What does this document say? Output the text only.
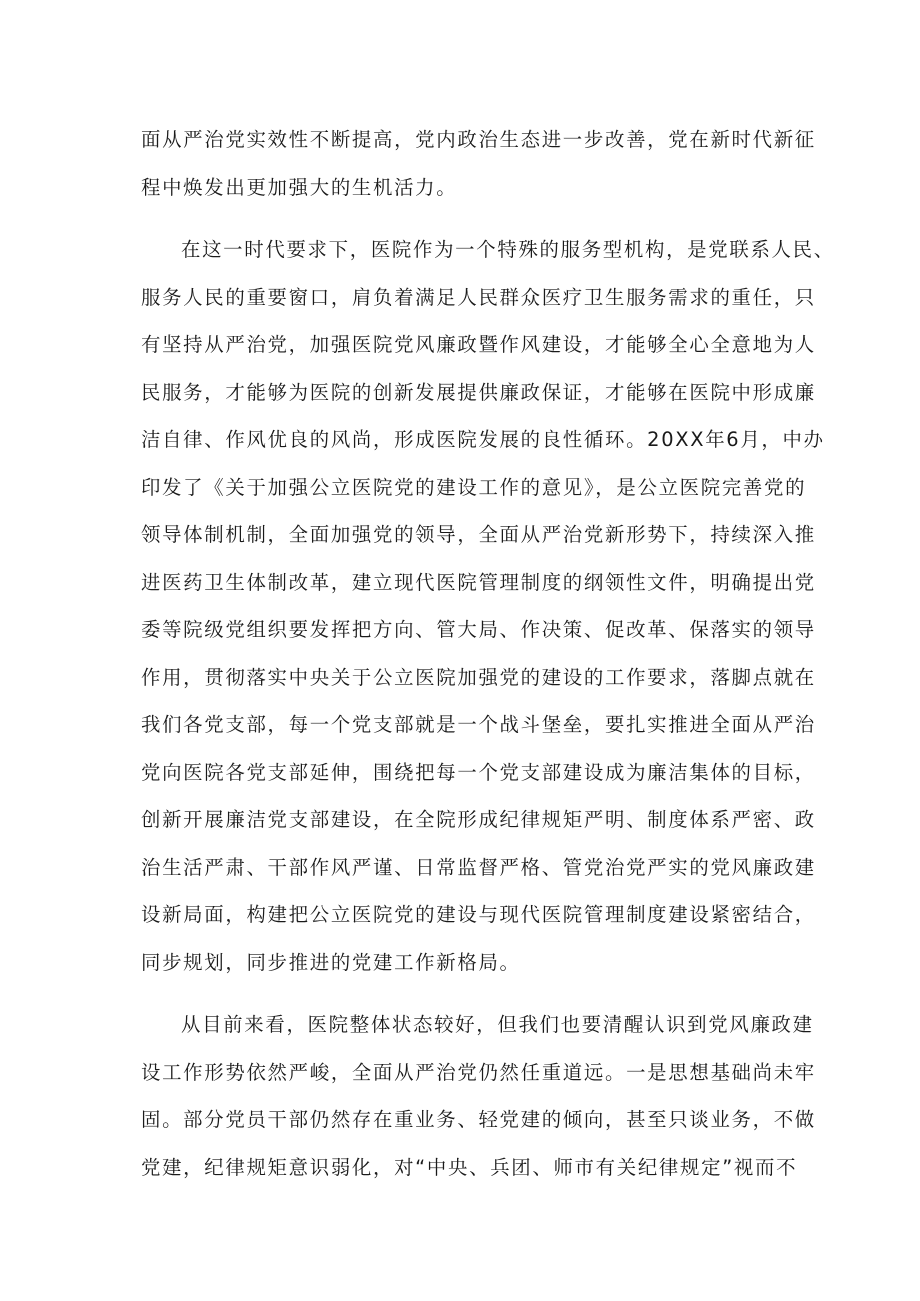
面从严治党实效性不断提高，党内政治生态进一步改善，党在新时代新征
程中焕发出更加强大的生机活力。
在这一时代要求下，医院作为一个特殊的服务型机构，是党联系人民、
服务人民的重要窗口，肩负着满足人民群众医疗卫生服务需求的重任，只
有坚持从严治党，加强医院党风廉政暨作风建设，才能够全心全意地为人
民服务，才能够为医院的创新发展提供廉政保证，才能够在医院中形成廉
洁自律、作风优良的风尚，形成医院发展的良性循环。20XX年6月，中办
印发了《关于加强公立医院党的建设工作的意见》，是公立医院完善党的
领导体制机制，全面加强党的领导，全面从严治党新形势下，持续深入推
进医药卫生体制改革，建立现代医院管理制度的纲领性文件，明确提出党
委等院级党组织要发挥把方向、管大局、作决策、促改革、保落实的领导
作用，贯彻落实中央关于公立医院加强党的建设的工作要求，落脚点就在
我们各党支部，每一个党支部就是一个战斗堡垒，要扎实推进全面从严治
党向医院各党支部延伸，围绕把每一个党支部建设成为廉洁集体的目标，
创新开展廉洁党支部建设，在全院形成纪律规矩严明、制度体系严密、政
治生活严肃、干部作风严谨、日常监督严格、管党治党严实的党风廉政建
设新局面，构建把公立医院党的建设与现代医院管理制度建设紧密结合，
同步规划，同步推进的党建工作新格局。
从目前来看，医院整体状态较好，但我们也要清醒认识到党风廉政建
设工作形势依然严峻，全面从严治党仍然任重道远。一是思想基础尚未牢
固。部分党员干部仍然存在重业务、轻党建的倾向，甚至只谈业务，不做
党建，纪律规矩意识弱化，对“中央、兵团、师市有关纪律规定”视而不
